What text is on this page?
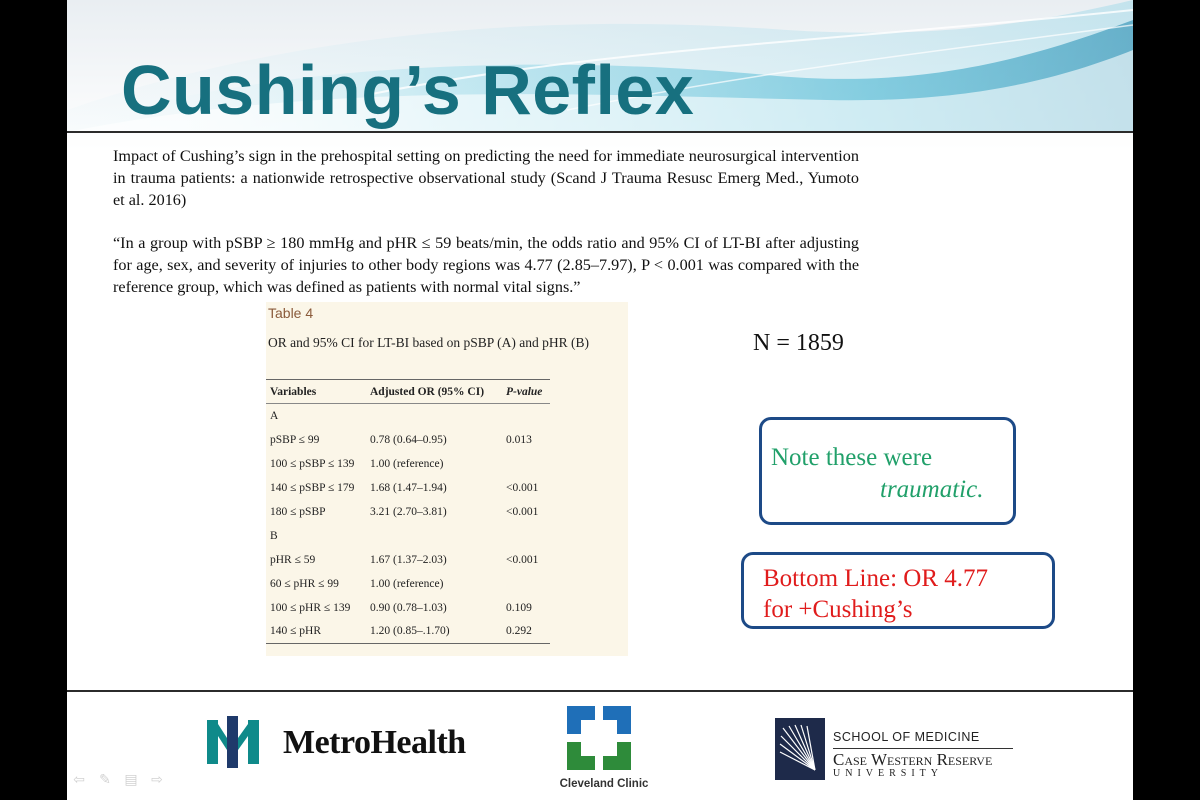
Cushing’s Reflex

Impact of Cushing’s sign in the prehospital setting on predicting the need for immediate neurosurgical intervention in trauma patients: a nationwide retrospective observational study (Scand J Trauma Resusc Emerg Med., Yumoto et al. 2016)

“In a group with pSBP ≥ 180 mmHg and pHR ≤ 59 beats/min, the odds ratio and 95% CI of LT-BI after adjusting for age, sex, and severity of injuries to other body regions was 4.77 (2.85–7.97), P < 0.001 was compared with the reference group, which was defined as patients with normal vital signs.”

Table 4
OR and 95% CI for LT-BI based on pSBP (A) and pHR (B)
Variables	Adjusted OR (95% CI)	P-value
A		
pSBP ≤ 99	0.78 (0.64–0.95)	0.013
100 ≤ pSBP ≤ 139	1.00 (reference)	
140 ≤ pSBP ≤ 179	1.68 (1.47–1.94)	<0.001
180 ≤ pSBP	3.21 (2.70–3.81)	<0.001
B		
pHR ≤ 59	1.67 (1.37–2.03)	<0.001
60 ≤ pHR ≤ 99	1.00 (reference)	
100 ≤ pHR ≤ 139	0.90 (0.78–1.03)	0.109
140 ≤ pHR	1.20 (0.85–.1.70)	0.292
N = 1859
Note these were
traumatic.
Bottom Line: OR 4.77
for +Cushing’s
MetroHealth
Cleveland Clinic
SCHOOL OF MEDICINE
Case Western Reserve
UNIVERSITY
⇦ ✎ ▤ ⇨
